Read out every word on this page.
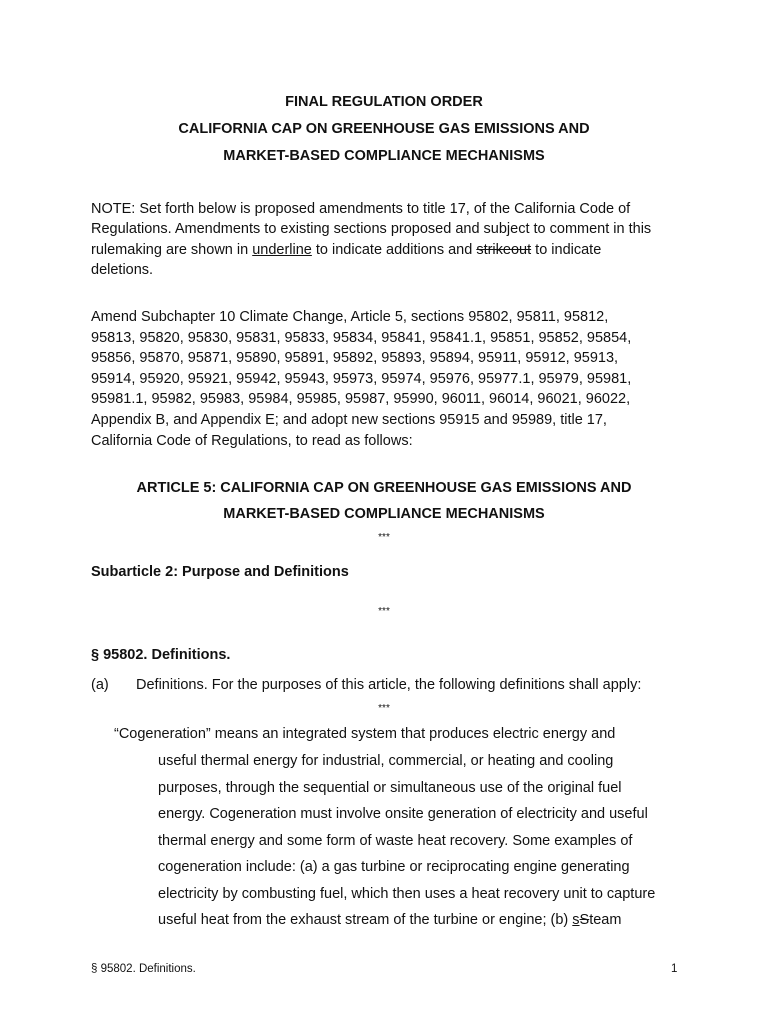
FINAL REGULATION ORDER
CALIFORNIA CAP ON GREENHOUSE GAS EMISSIONS AND
MARKET-BASED COMPLIANCE MECHANISMS
NOTE: Set forth below is proposed amendments to title 17, of the California Code of
Regulations. Amendments to existing sections proposed and subject to comment in this
rulemaking are shown in underline to indicate additions and strikeout to indicate
deletions.
Amend Subchapter 10 Climate Change, Article 5, sections 95802, 95811, 95812,
95813, 95820, 95830, 95831, 95833, 95834, 95841, 95841.1, 95851, 95852, 95854,
95856, 95870, 95871, 95890, 95891, 95892, 95893, 95894, 95911, 95912, 95913,
95914, 95920, 95921, 95942, 95943, 95973, 95974, 95976, 95977.1, 95979, 95981,
95981.1, 95982, 95983, 95984, 95985, 95987, 95990, 96011, 96014, 96021, 96022,
Appendix B, and Appendix E; and adopt new sections 95915 and 95989, title 17,
California Code of Regulations, to read as follows:
ARTICLE 5: CALIFORNIA CAP ON GREENHOUSE GAS EMISSIONS AND
MARKET-BASED COMPLIANCE MECHANISMS
***
Subarticle 2: Purpose and Definitions
***
§ 95802. Definitions.
(a) Definitions. For the purposes of this article, the following definitions shall apply:
***
“Cogeneration” means an integrated system that produces electric energy and
useful thermal energy for industrial, commercial, or heating and cooling
purposes, through the sequential or simultaneous use of the original fuel
energy. Cogeneration must involve onsite generation of electricity and useful
thermal energy and some form of waste heat recovery. Some examples of
cogeneration include: (a) a gas turbine or reciprocating engine generating
electricity by combusting fuel, which then uses a heat recovery unit to capture
useful heat from the exhaust stream of the turbine or engine; (b) sSteam
§ 95802. Definitions.	1
